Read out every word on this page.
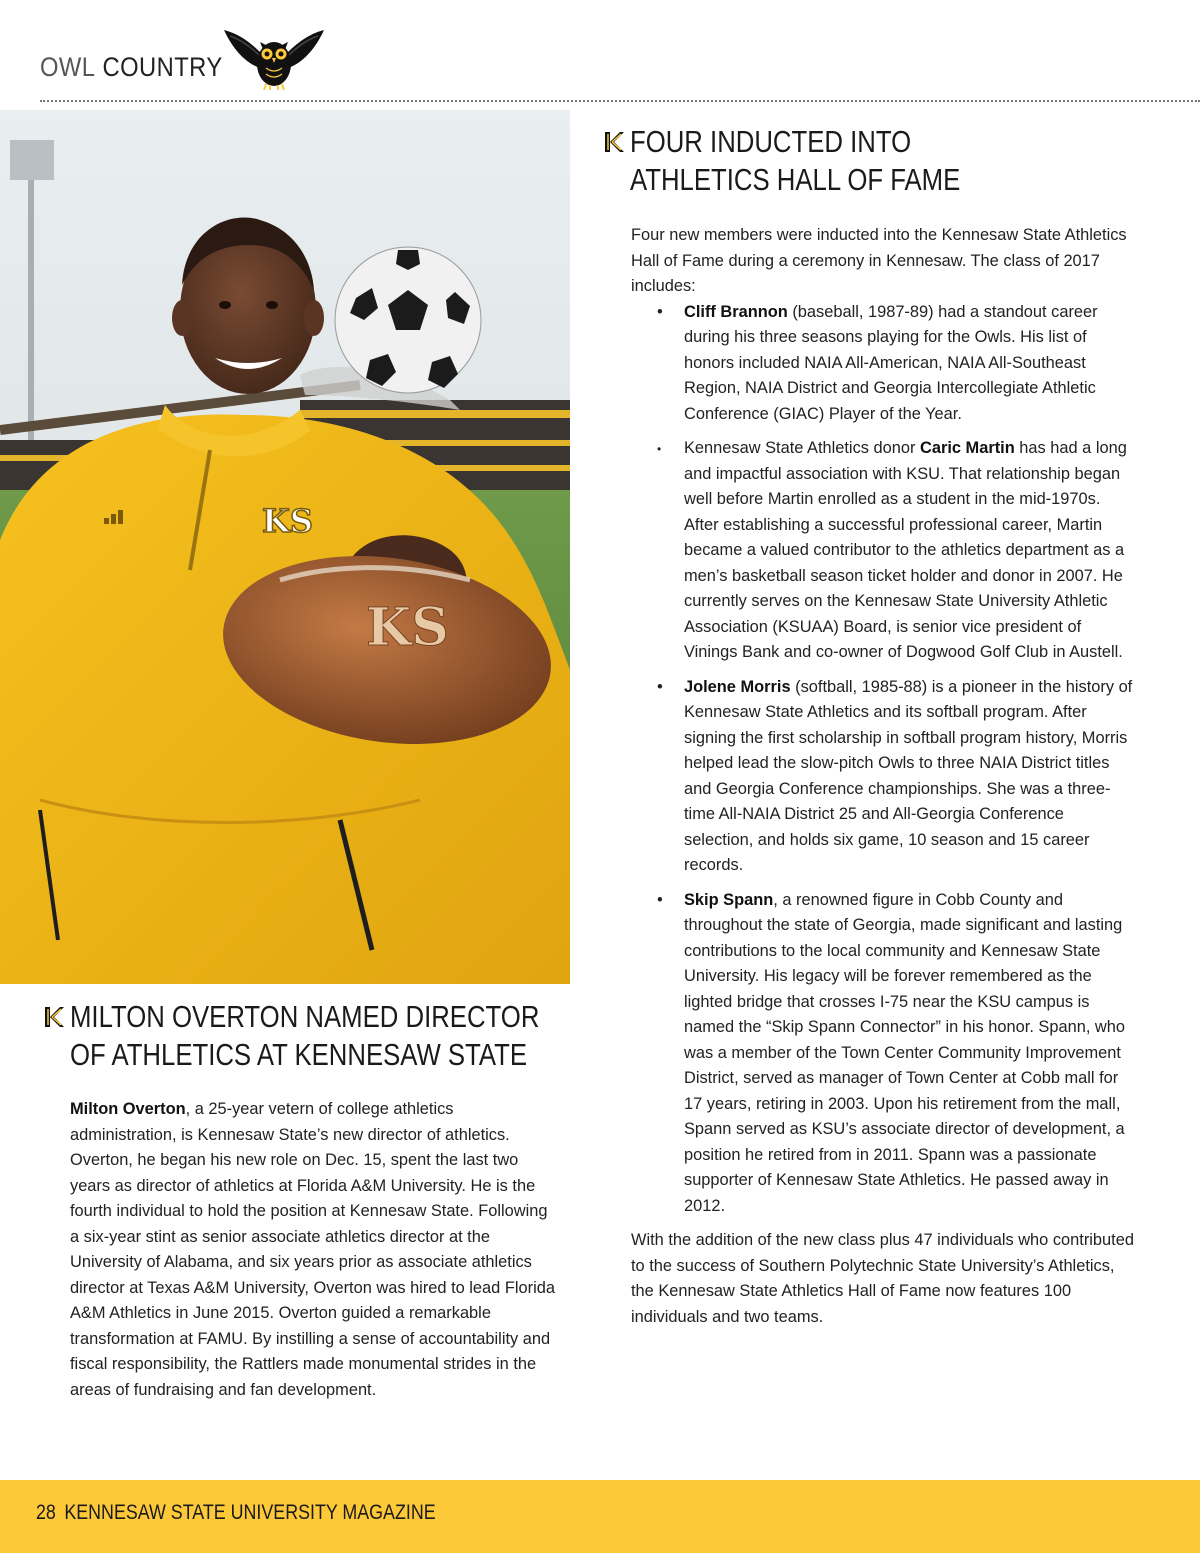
OWL COUNTRY
KS
KS
MILTON OVERTON NAMED DIRECTOR
OF ATHLETICS AT KENNESAW STATE
Milton Overton, a 25-year vetern of college athletics administration, is Kennesaw State’s new director of athletics. Overton, he began his new role on Dec. 15, spent the last two years as director of athletics at Florida A&M University. He is the fourth individual to hold the position at Kennesaw State. Following a six-year stint as senior associate athletics director at the University of Alabama, and six years prior as associate athletics director at Texas A&M University, Overton was hired to lead Florida A&M Athletics in June 2015. Overton guided a remarkable transformation at FAMU. By instilling a sense of accountability and fiscal responsibility, the Rattlers made monumental strides in the areas of fundraising and fan development.
FOUR INDUCTED INTO
ATHLETICS HALL OF FAME

Four new members were inducted into the Kennesaw State Athletics Hall of Fame during a ceremony in Kennesaw. The class of 2017 includes:

• Cliff Brannon (baseball, 1987-89) had a standout career during his three seasons playing for the Owls. His list of honors included NAIA All-American, NAIA All-Southeast Region, NAIA District and Georgia Intercollegiate Athletic Conference (GIAC) Player of the Year.
• Kennesaw State Athletics donor Caric Martin has had a long and impactful association with KSU. That relationship began well before Martin enrolled as a student in the mid-1970s. After establishing a successful professional career, Martin became a valued contributor to the athletics department as a men’s basketball season ticket holder and donor in 2007. He currently serves on the Kennesaw State University Athletic Association (KSUAA) Board, is senior vice president of Vinings Bank and co-owner of Dogwood Golf Club in Austell.
• Jolene Morris (softball, 1985-88) is a pioneer in the history of Kennesaw State Athletics and its softball program. After signing the first scholarship in softball program history, Morris helped lead the slow-pitch Owls to three NAIA District titles and Georgia Conference championships. She was a three-time All-NAIA District 25 and All-Georgia Conference selection, and holds six game, 10 season and 15 career records.
• Skip Spann, a renowned figure in Cobb County and throughout the state of Georgia, made significant and lasting contributions to the local community and Kennesaw State University. His legacy will be forever remembered as the lighted bridge that crosses I-75 near the KSU campus is named the “Skip Spann Connector” in his honor. Spann, who was a member of the Town Center Community Improvement District, served as manager of Town Center at Cobb mall for 17 years, retiring in 2003. Upon his retirement from the mall, Spann served as KSU’s associate director of development, a position he retired from in 2011. Spann was a passionate supporter of Kennesaw State Athletics. He passed away in 2012.

With the addition of the new class plus 47 individuals who contributed to the success of Southern Polytechnic State University’s Athletics, the Kennesaw State Athletics Hall of Fame now features 100 individuals and two teams.

28 KENNESAW STATE UNIVERSITY MAGAZINE
